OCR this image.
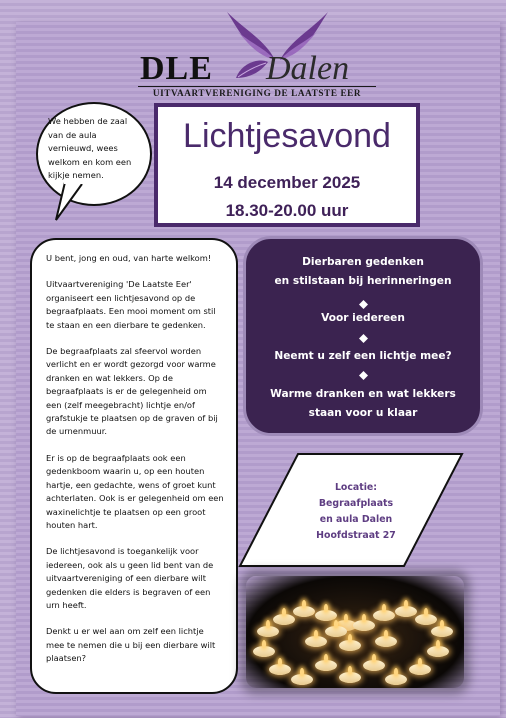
DLE Dalen
UITVAARTVERENIGING DE LAATSTE EER
We hebben de zaal van de aula vernieuwd, wees welkom en kom een kijkje nemen.
Lichtjesavond
14 december 2025
18.30-20.00 uur

U bent, jong en oud, van harte welkom!

Uitvaartvereniging 'De Laatste Eer' organiseert een lichtjesavond op de begraafplaats. Een mooi moment om stil te staan en een dierbare te gedenken.

De begraafplaats zal sfeervol worden verlicht en er wordt gezorgd voor warme dranken en wat lekkers. Op de begraafplaats is er de gelegenheid om een (zelf meegebracht) lichtje en/of grafstukje te plaatsen op de graven of bij de urnenmuur.

Er is op de begraafplaats ook een gedenkboom waarin u, op een houten hartje, een gedachte, wens of groet kunt achterlaten. Ook is er gelegenheid om een waxinelichtje te plaatsen op een groot houten hart.

De lichtjesavond is toegankelijk voor iedereen, ook als u geen lid bent van de uitvaartvereniging of een dierbare wilt gedenken die elders is begraven of een urn heeft.

Denkt u er wel aan om zelf een lichtje mee te nemen die u bij een dierbare wilt plaatsen?

Dierbaren gedenken
en stilstaan bij herinneringen
Voor iedereen
Neemt u zelf een lichtje mee?
Warme dranken en wat lekkers
staan voor u klaar
Locatie:
Begraafplaats
en aula Dalen
Hoofdstraat 27
